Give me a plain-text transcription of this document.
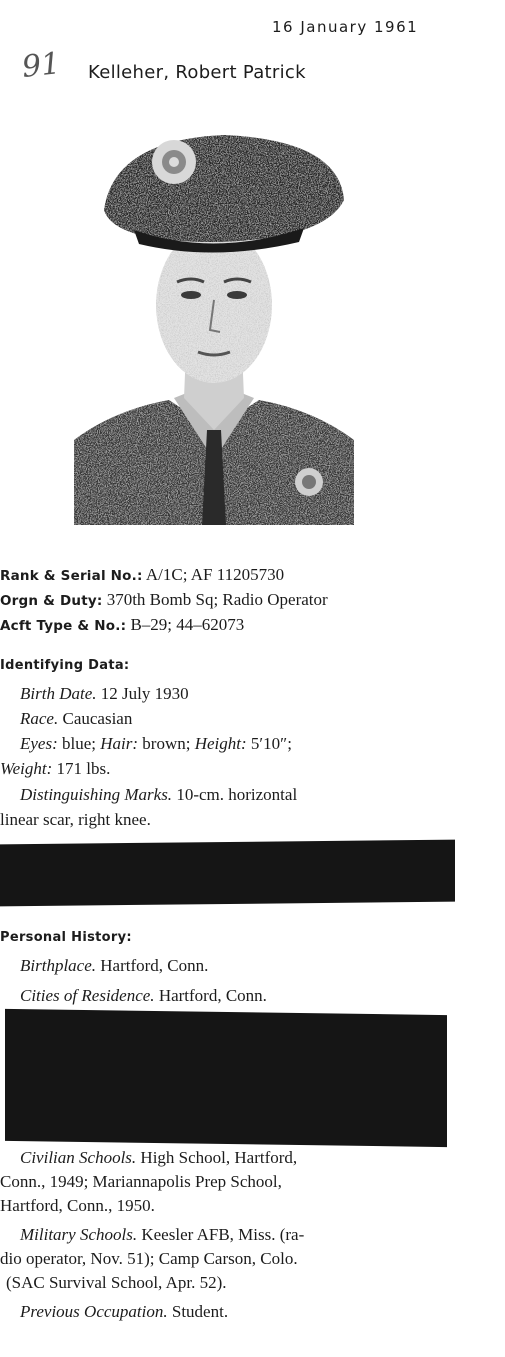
16 January 1961
91 Kelleher, Robert Patrick
Rank & Serial No.: A/1C; AF 11205730
Orgn & Duty: 370th Bomb Sq; Radio Operator
Acft Type & No.: B–29; 44–62073
Identifying Data:
Birth Date. 12 July 1930
Race. Caucasian
Eyes: blue; Hair: brown; Height: 5′10″;
Weight: 171 lbs.
Distinguishing Marks. 10-cm. horizontal
linear scar, right knee.
Personal History:
Birthplace. Hartford, Conn.
Cities of Residence. Hartford, Conn.
Civilian Schools. High School, Hartford,
Conn., 1949; Mariannapolis Prep School,
Hartford, Conn., 1950.
Military Schools. Keesler AFB, Miss. (ra-
dio operator, Nov. 51); Camp Carson, Colo.
(SAC Survival School, Apr. 52).
Previous Occupation. Student.
